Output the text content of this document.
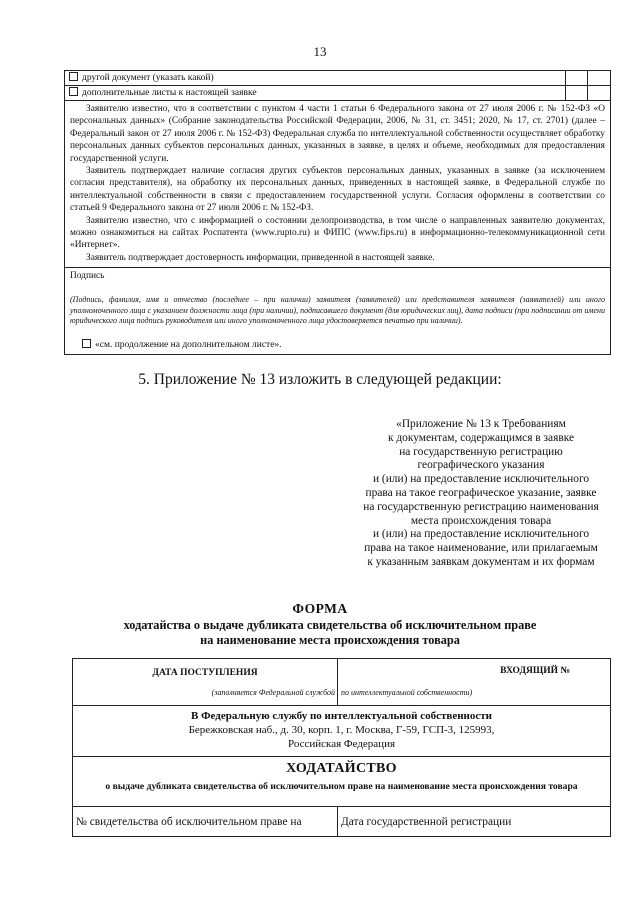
13
другой документ (указать какой)
дополнительные листы к настоящей заявке

Заявителю известно, что в соответствии с пунктом 4 части 1 статьи 6 Федерального закона от 27 июля 2006 г. № 152-ФЗ «О персональных данных» (Собрание законодательства Российской Федерации, 2006, № 31, ст. 3451; 2020, № 17, ст. 2701) (далее – Федеральный закон от 27 июля 2006 г. № 152-ФЗ) Федеральная служба по интеллектуальной собственности осуществляет обработку персональных данных субъектов персональных данных, указанных в заявке, в целях и объеме, необходимых для предоставления государственной услуги.

Заявитель подтверждает наличие согласия других субъектов персональных данных, указанных в заявке (за исключением согласия представителя), на обработку их персональных данных, приведенных в настоящей заявке, в Федеральной службе по интеллектуальной собственности в связи с предоставлением государственной услуги. Согласия оформлены в соответствии со статьей 9 Федерального закона от 27 июля 2006 г. № 152-ФЗ.

Заявителю известно, что с информацией о состоянии делопроизводства, в том числе о направленных заявителю документах, можно ознакомиться на сайтах Роспатента (www.rupto.ru) и ФИПС (www.fips.ru) в информационно-телекоммуникационной сети «Интернет».

Заявитель подтверждает достоверность информации, приведенной в настоящей заявке.

Подпись
(Подпись, фамилия, имя и отчество (последнее – при наличии) заявителя (заявителей) или представителя заявителя (заявителей) или иного уполномоченного лица с указанием должности лица (при наличии), подписавшего документ (для юридических лиц), дата подписи (при подписании от имени юридического лица подпись руководителя или иного уполномоченного лица удостоверяется печатью при наличии).
«см. продолжение на дополнительном листе».
5. Приложение № 13 изложить в следующей редакции:
«Приложение № 13 к Требованиям
к документам, содержащимся в заявке
на государственную регистрацию
географического указания
и (или) на предоставление исключительного
права на такое географическое указание, заявке
на государственную регистрацию наименования
места происхождения товара
и (или) на предоставление исключительного
права на такое наименование, или прилагаемым
к указанным заявкам документам и их формам
ФОРМА
ходатайства о выдаче дубликата свидетельства об исключительном праве
на наименование места происхождения товара
ДАТА ПОСТУПЛЕНИЯ	ВХОДЯЩИЙ №
(заполняется Федеральной службой по интеллектуальной собственности)
В Федеральную службу по интеллектуальной собственности
Бережковская наб., д. 30, корп. 1, г. Москва, Г-59, ГСП-3, 125993,
Российская Федерация
ХОДАТАЙСТВО
о выдаче дубликата свидетельства об исключительном праве на наименование места происхождения товара
№ свидетельства об исключительном праве на	Дата государственной регистрации
